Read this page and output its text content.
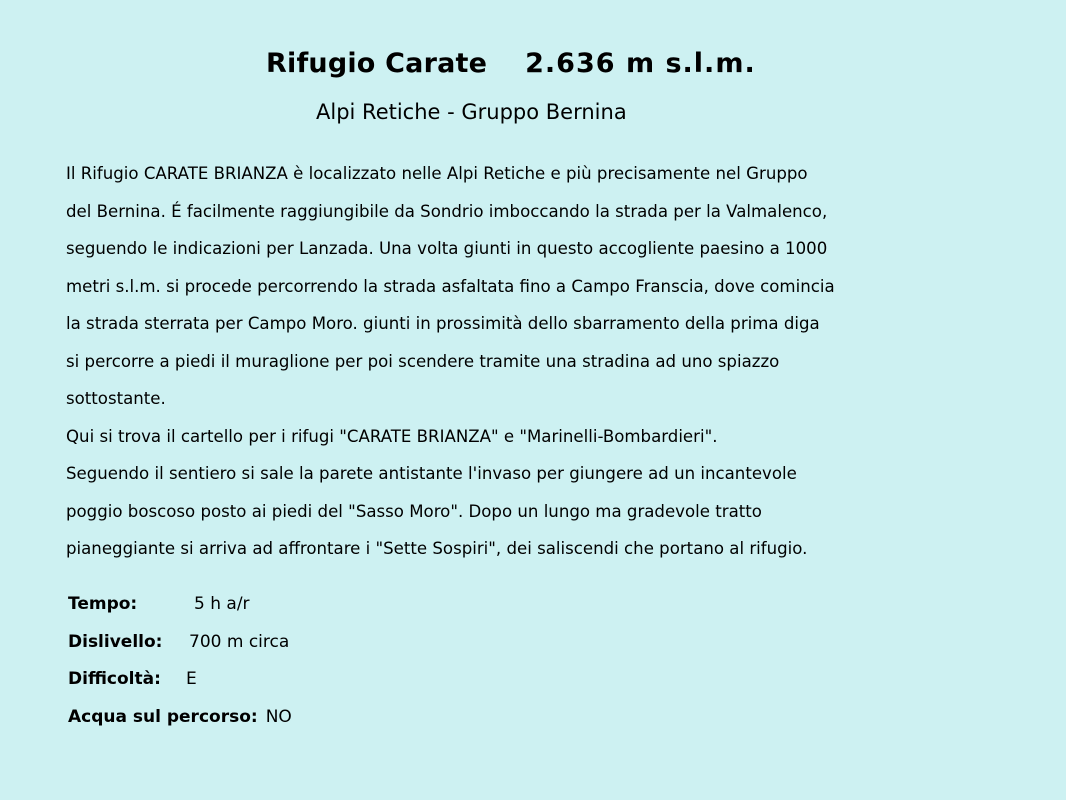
Rifugio Carate 2.636 m s.l.m.
Alpi Retiche - Gruppo Bernina
Il Rifugio CARATE BRIANZA è localizzato nelle Alpi Retiche e più precisamente nel Gruppo
del Bernina. É facilmente raggiungibile da Sondrio imboccando la strada per la Valmalenco,
seguendo le indicazioni per Lanzada. Una volta giunti in questo accogliente paesino a 1000
metri s.l.m. si procede percorrendo la strada asfaltata fino a Campo Franscia, dove comincia
la strada sterrata per Campo Moro. giunti in prossimità dello sbarramento della prima diga
si percorre a piedi il muraglione per poi scendere tramite una stradina ad uno spiazzo
sottostante.
Qui si trova il cartello per i rifugi "CARATE BRIANZA" e "Marinelli-Bombardieri".
Seguendo il sentiero si sale la parete antistante l'invaso per giungere ad un incantevole
poggio boscoso posto ai piedi del "Sasso Moro". Dopo un lungo ma gradevole tratto
pianeggiante si arriva ad affrontare i "Sette Sospiri", dei saliscendi che portano al rifugio.
Tempo:	5 h a/r
Dislivello: 700 m circa
Difficoltà: E
Acqua sul percorso: NO
